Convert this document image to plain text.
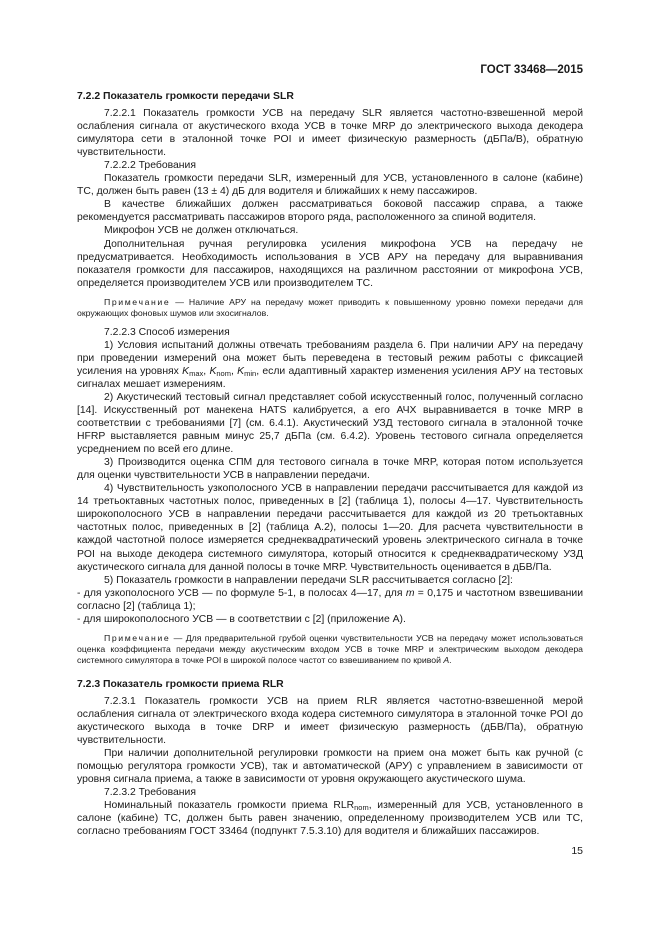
ГОСТ 33468—2015

7.2.2 Показатель громкости передачи SLR

7.2.2.1 Показатель громкости УСВ на передачу SLR является частотно-взвешенной мерой ослабления сигнала от акустического входа УСВ в точке MRP до электрического выхода декодера симулятора сети в эталонной точке POI и имеет физическую размерность (дБПа/В), обратную чувствительности.

7.2.2.2 Требования

Показатель громкости передачи SLR, измеренный для УСВ, установленного в салоне (кабине) ТС, должен быть равен (13 ± 4) дБ для водителя и ближайших к нему пассажиров.

В качестве ближайших должен рассматриваться боковой пассажир справа, а также рекомендуется рассматривать пассажиров второго ряда, расположенного за спиной водителя.

Микрофон УСВ не должен отключаться.

Дополнительная ручная регулировка усиления микрофона УСВ на передачу не предусматривается. Необходимость использования в УСВ АРУ на передачу для выравнивания показателя громкости для пассажиров, находящихся на различном расстоянии от микрофона УСВ, определяется производителем УСВ или производителем ТС.

Примечание — Наличие АРУ на передачу может приводить к повышенному уровню помехи передачи для окружающих фоновых шумов или эхосигналов.

7.2.2.3 Способ измерения

1) Условия испытаний должны отвечать требованиям раздела 6. При наличии АРУ на передачу при проведении измерений она может быть переведена в тестовый режим работы с фиксацией усиления на уровнях $K_{max}$, $K_{nom}$, $K_{min}$, если адаптивный характер изменения усиления АРУ на тестовых сигналах мешает измерениям.

2) Акустический тестовый сигнал представляет собой искусственный голос, полученный согласно [14]. Искусственный рот манекена HATS калибруется, а его АЧХ выравнивается в точке MRP в соответствии с требованиями [7] (см. 6.4.1). Акустический УЗД тестового сигнала в эталонной точке HFRP выставляется равным минус 25,7 дБПа (см. 6.4.2). Уровень тестового сигнала определяется усреднением по всей его длине.

3) Производится оценка СПМ для тестового сигнала в точке MRP, которая потом используется для оценки чувствительности УСВ в направлении передачи.

4) Чувствительность узкополосного УСВ в направлении передачи рассчитывается для каждой из 14 третьоктавных частотных полос, приведенных в [2] (таблица 1), полосы 4—17. Чувствительность широкополосного УСВ в направлении передачи рассчитывается для каждой из 20 третьоктавных частотных полос, приведенных в [2] (таблица А.2), полосы 1—20. Для расчета чувствительности в каждой частотной полосе измеряется среднеквадратический уровень электрического сигнала в точке POI на выходе декодера системного симулятора, который относится к среднеквадратическому УЗД акустического сигнала для данной полосы в точке MRP. Чувствительность оценивается в дБВ/Па.

5) Показатель громкости в направлении передачи SLR рассчитывается согласно [2]:

- для узкополосного УСВ — по формуле 5-1, в полосах 4—17, для m = 0,175 и частотном взвешивании согласно [2] (таблица 1);

- для широкополосного УСВ — в соответствии с [2] (приложение А).

Примечание — Для предварительной грубой оценки чувствительности УСВ на передачу может использоваться оценка коэффициента передачи между акустическим входом УСВ в точке MRP и электрическим выходом декодера системного симулятора в точке POI в широкой полосе частот со взвешиванием по кривой A.

7.2.3 Показатель громкости приема RLR

7.2.3.1 Показатель громкости УСВ на прием RLR является частотно-взвешенной мерой ослабления сигнала от электрического входа кодера системного симулятора в эталонной точке POI до акустического выхода в точке DRP и имеет физическую размерность (дБВ/Па), обратную чувствительности.

При наличии дополнительной регулировки громкости на прием она может быть как ручной (с помощью регулятора громкости УСВ), так и автоматической (АРУ) с управлением в зависимости от уровня сигнала приема, а также в зависимости от уровня окружающего акустического шума.

7.2.3.2 Требования

Номинальный показатель громкости приема $RLR_{nom}$, измеренный для УСВ, установленного в салоне (кабине) ТС, должен быть равен значению, определенному производителем УСВ или ТС, согласно требованиям ГОСТ 33464 (подпункт 7.5.3.10) для водителя и ближайших пассажиров.

15
